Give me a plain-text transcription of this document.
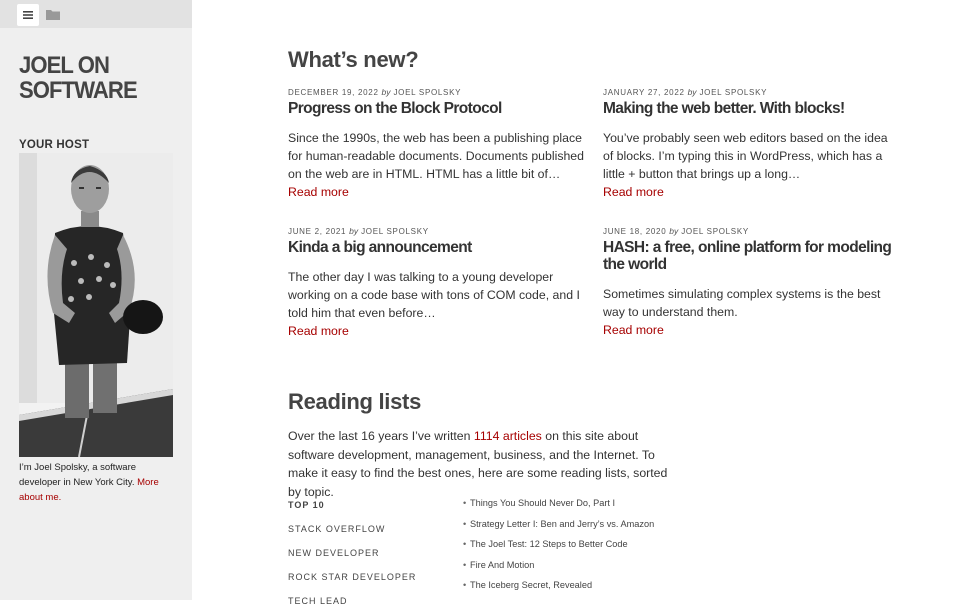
JOEL ON SOFTWARE
YOUR HOST
I’m Joel Spolsky, a software developer in New York City. More about me.
What’s new?
DECEMBER 19, 2022 by JOEL SPOLSKY
Progress on the Block Protocol

Since the 1990s, the web has been a publishing place for human-readable documents. Documents published on the web are in HTML. HTML has a little bit of…

Read more
JANUARY 27, 2022 by JOEL SPOLSKY
Making the web better. With blocks!

You’ve probably seen web editors based on the idea of blocks. I’m typing this in WordPress, which has a little + button that brings up a long…

Read more
JUNE 2, 2021 by JOEL SPOLSKY
Kinda a big announcement

The other day I was talking to a young developer working on a code base with tons of COM code, and I told him that even before…

Read more
JUNE 18, 2020 by JOEL SPOLSKY
HASH: a free, online platform for modeling the world

Sometimes simulating complex systems is the best way to understand them.

Read more
Reading lists

Over the last 16 years I’ve written 1114 articles on this site about software development, management, business, and the Internet. To make it easy to find the best ones, here are some reading lists, sorted by topic.

TOP 10
STACK OVERFLOW
NEW DEVELOPER
ROCK STAR DEVELOPER
TECH LEAD
• Things You Should Never Do, Part I
• Strategy Letter I: Ben and Jerry’s vs. Amazon
• The Joel Test: 12 Steps to Better Code
• Fire And Motion
• The Iceberg Secret, Revealed
